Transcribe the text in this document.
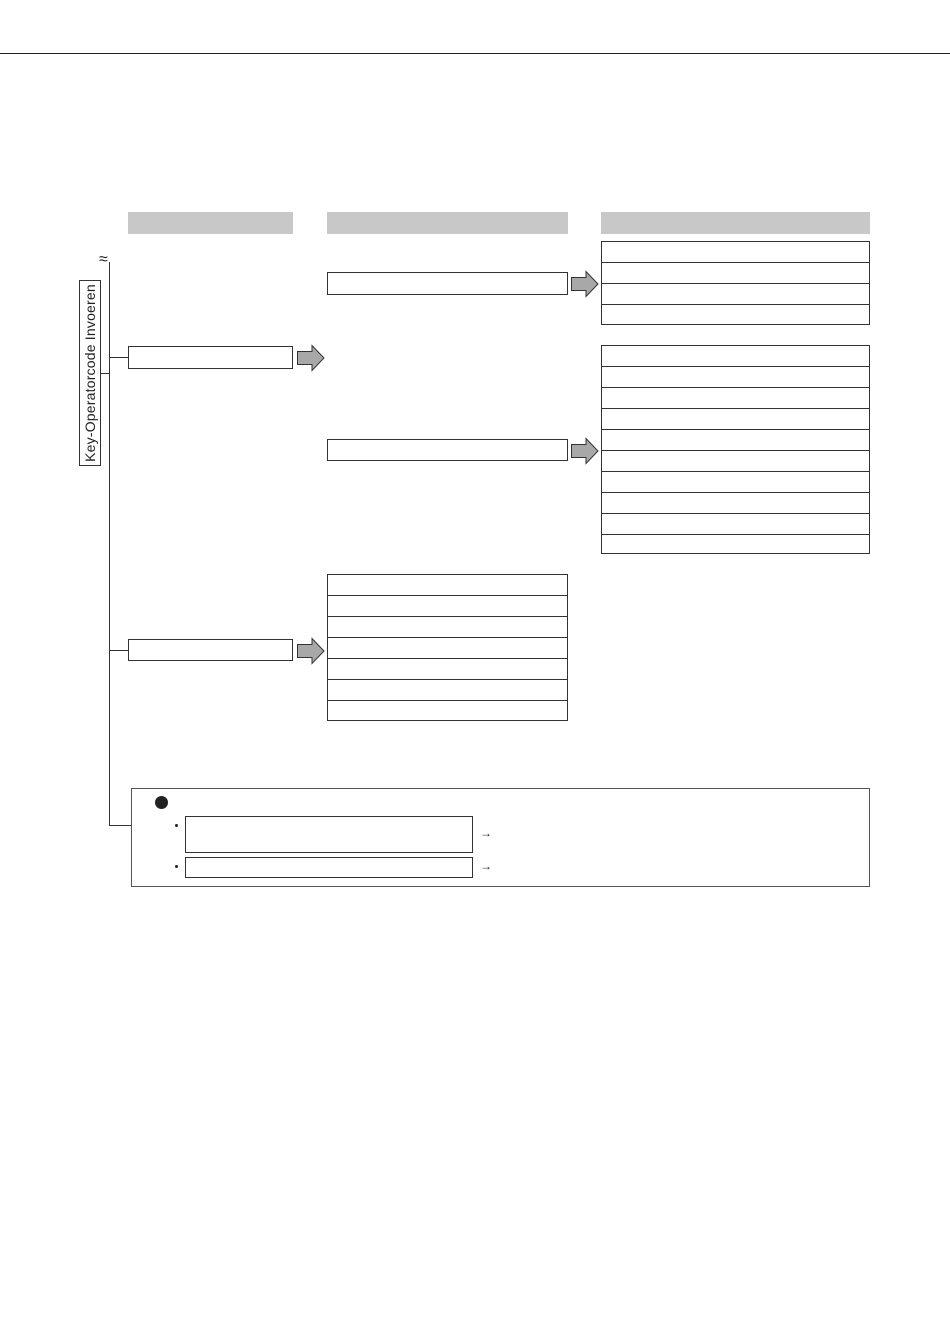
Key-Operatorcode Invoeren
≈
→
→
